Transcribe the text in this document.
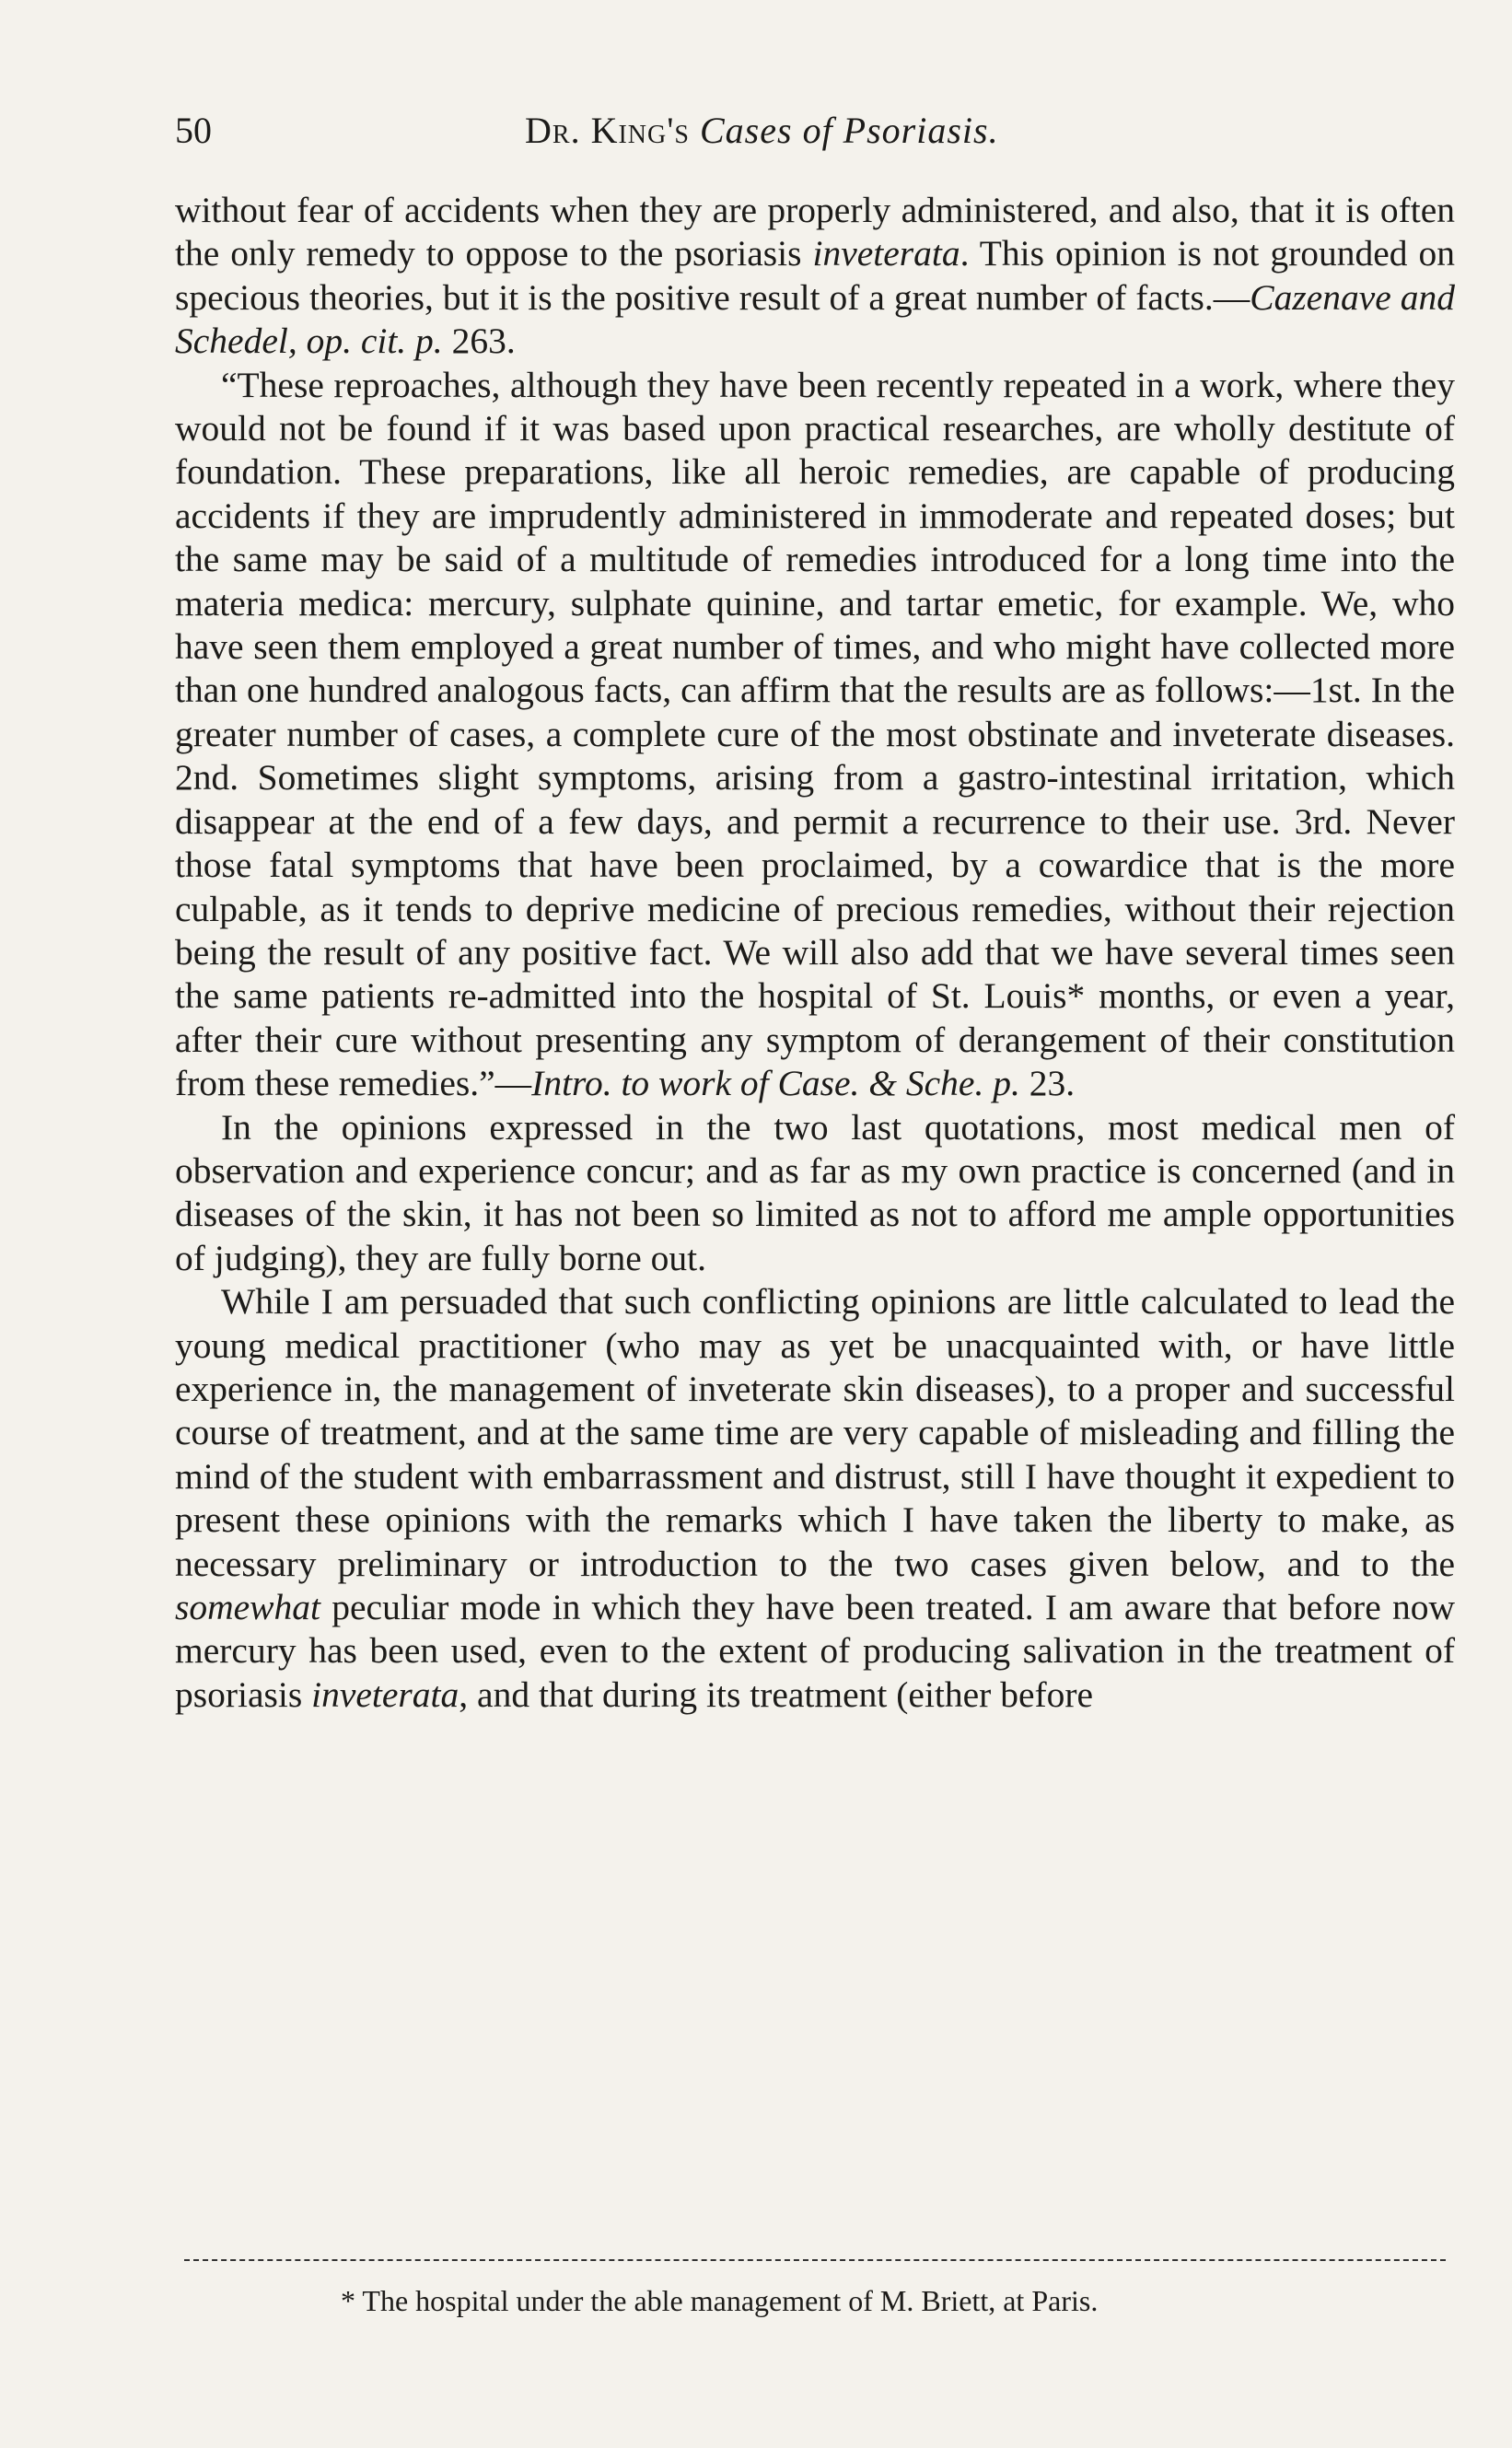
50	Dr. King's Cases of Psoriasis.

without fear of accidents when they are properly administered, and also, that it is often the only remedy to oppose to the psoriasis inveterata. This opinion is not grounded on specious theories, but it is the positive result of a great number of facts.—Cazenave and Schedel, op. cit. p. 263.

“These reproaches, although they have been recently repeated in a work, where they would not be found if it was based upon practical researches, are wholly destitute of foundation. These preparations, like all heroic remedies, are capable of producing accidents if they are imprudently administered in immoderate and repeated doses; but the same may be said of a multitude of remedies introduced for a long time into the materia medica: mercury, sulphate quinine, and tartar emetic, for example. We, who have seen them employed a great number of times, and who might have collected more than one hundred analogous facts, can affirm that the results are as follows:—1st. In the greater number of cases, a complete cure of the most obstinate and inveterate diseases. 2nd. Sometimes slight symptoms, arising from a gastro-intestinal irritation, which disappear at the end of a few days, and permit a recurrence to their use. 3rd. Never those fatal symptoms that have been proclaimed, by a cowardice that is the more culpable, as it tends to deprive medicine of precious remedies, without their rejection being the result of any positive fact. We will also add that we have several times seen the same patients re-admitted into the hospital of St. Louis* months, or even a year, after their cure without presenting any symptom of derangement of their constitution from these remedies.”—Intro. to work of Case. & Sche. p. 23.

In the opinions expressed in the two last quotations, most medical men of observation and experience concur; and as far as my own practice is concerned (and in diseases of the skin, it has not been so limited as not to afford me ample opportunities of judging), they are fully borne out.

While I am persuaded that such conflicting opinions are little calculated to lead the young medical practitioner (who may as yet be unacquainted with, or have little experience in, the management of inveterate skin diseases), to a proper and successful course of treatment, and at the same time are very capable of misleading and filling the mind of the student with embarrassment and distrust, still I have thought it expedient to present these opinions with the remarks which I have taken the liberty to make, as necessary preliminary or introduction to the two cases given below, and to the somewhat peculiar mode in which they have been treated. I am aware that before now mercury has been used, even to the extent of producing salivation in the treatment of psoriasis inveterata, and that during its treatment (either before

* The hospital under the able management of M. Briett, at Paris.
